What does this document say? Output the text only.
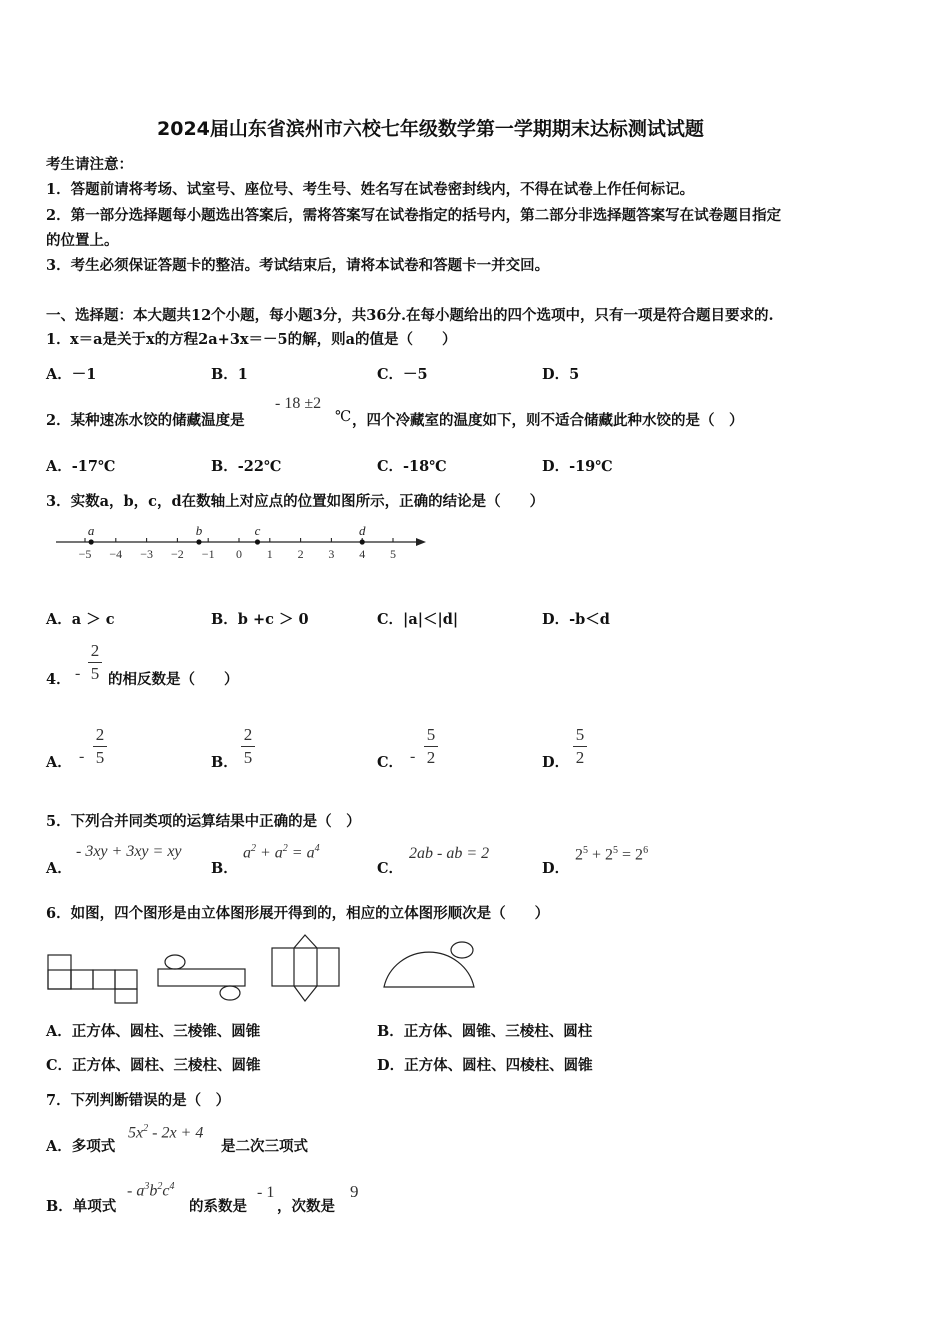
2024届山东省滨州市六校七年级数学第一学期期末达标测试试题
考生请注意：
1．答题前请将考场、试室号、座位号、考生号、姓名写在试卷密封线内，不得在试卷上作任何标记。
2．第一部分选择题每小题选出答案后，需将答案写在试卷指定的括号内，第二部分非选择题答案写在试卷题目指定
的位置上。
3．考生必须保证答题卡的整洁。考试结束后，请将本试卷和答题卡一并交回。
一、选择题：本大题共12个小题，每小题3分，共36分.在每小题给出的四个选项中，只有一项是符合题目要求的.
1． x＝a是关于x的方程2a+3x＝－5的解，则a的值是（　　）
A．－1	B．1	C．－5	D．5
2．某种速冻水饺的储藏温度是
- 18 ±2
℃ ，四个冷藏室的温度如下，则不适合储藏此种水饺的是（　）
A．-17℃	B．-22℃	C．-18℃	D．-19℃
3．实数a，b，c，d在数轴上对应点的位置如图所示，正确的结论是（　　）
−5 −4 −3 −2 −1 0 1 2 3 4 5
a	b	c	d
A．a ＞ c	B．b +c ＞ 0	C．|a|＜|d|	D．-b＜d
4． -
2
5 的相反数是（　　）
A． -
2
5	B．
2
5	C． -
5
2	D．
5
2
5．下列合并同类项的运算结果中正确的是（　）
A．
- 3xy + 3xy = xy
B．
$a^2 + a^2 = a^4$
C．
2ab - ab = 2
D．
$2^5 + 2^5 = 2^6$
6．如图，四个图形是由立体图形展开得到的，相应的立体图形顺次是（　　）
A．正方体、圆柱、三棱锥、圆锥	B．正方体、圆锥、三棱柱、圆柱
C．正方体、圆柱、三棱柱、圆锥	D．正方体、圆柱、四棱柱、圆锥
7．下列判断错误的是（　）
A．多项式
$5x^2 - 2x + 4$
是二次三项式
B．单项式
- $a^3b^2c^4$
的系数是
- 1
，次数是
9
